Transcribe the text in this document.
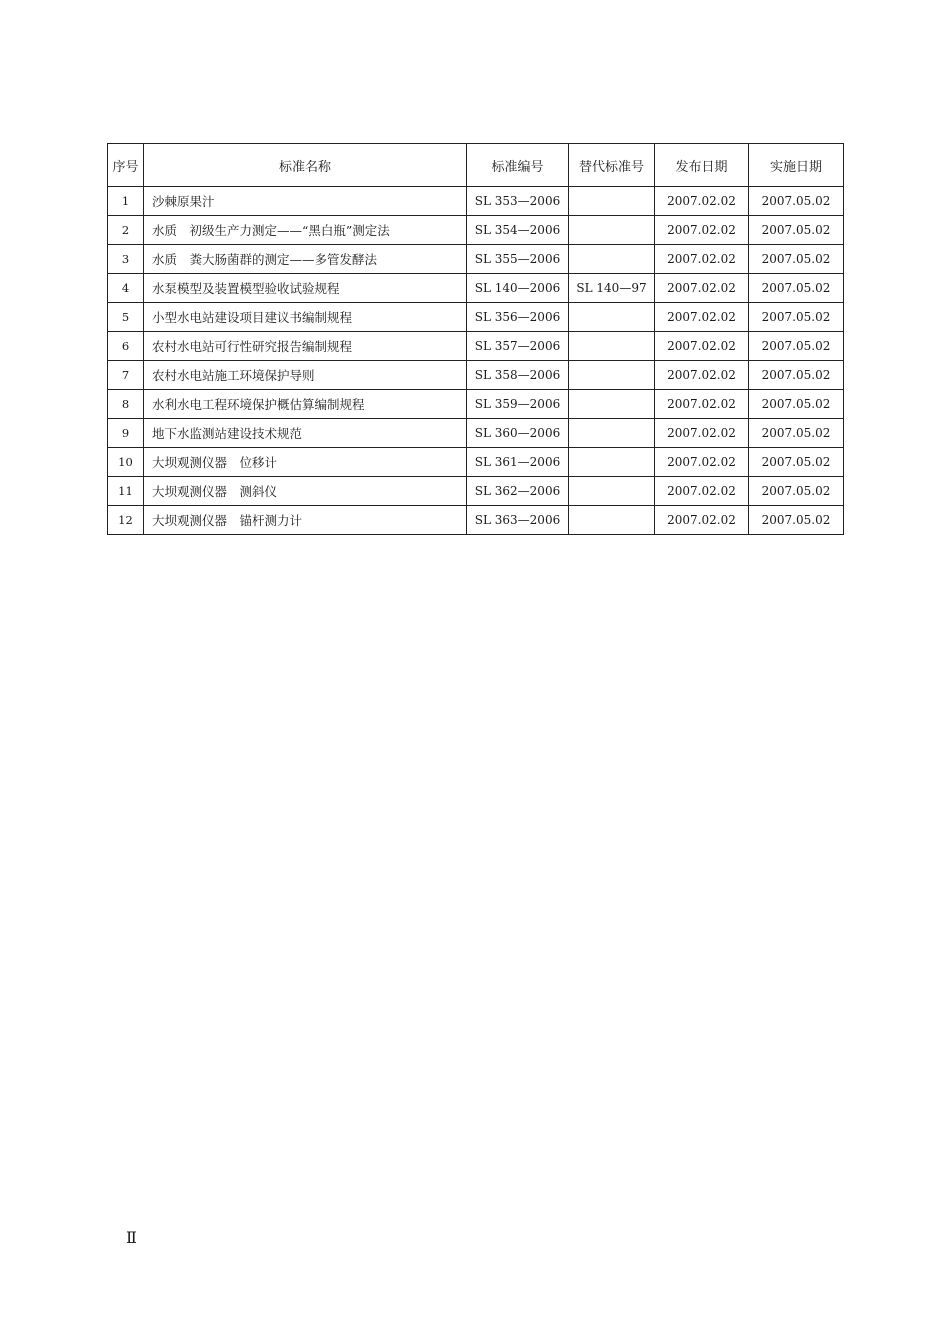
序号	标准名称	标准编号	替代标准号	发布日期	实施日期
1	沙棘原果汁	SL 353—2006		2007.02.02	2007.05.02
2	水质　初级生产力测定——“黑白瓶”测定法	SL 354—2006		2007.02.02	2007.05.02
3	水质　粪大肠菌群的测定——多管发酵法	SL 355—2006		2007.02.02	2007.05.02
4	水泵模型及装置模型验收试验规程	SL 140—2006	SL 140—97	2007.02.02	2007.05.02
5	小型水电站建设项目建议书编制规程	SL 356—2006		2007.02.02	2007.05.02
6	农村水电站可行性研究报告编制规程	SL 357—2006		2007.02.02	2007.05.02
7	农村水电站施工环境保护导则	SL 358—2006		2007.02.02	2007.05.02
8	水利水电工程环境保护概估算编制规程	SL 359—2006		2007.02.02	2007.05.02
9	地下水监测站建设技术规范	SL 360—2006		2007.02.02	2007.05.02
10	大坝观测仪器　位移计	SL 361—2006		2007.02.02	2007.05.02
11	大坝观测仪器　测斜仪	SL 362—2006		2007.02.02	2007.05.02
12	大坝观测仪器　锚杆测力计	SL 363—2006		2007.02.02	2007.05.02
Ⅱ
